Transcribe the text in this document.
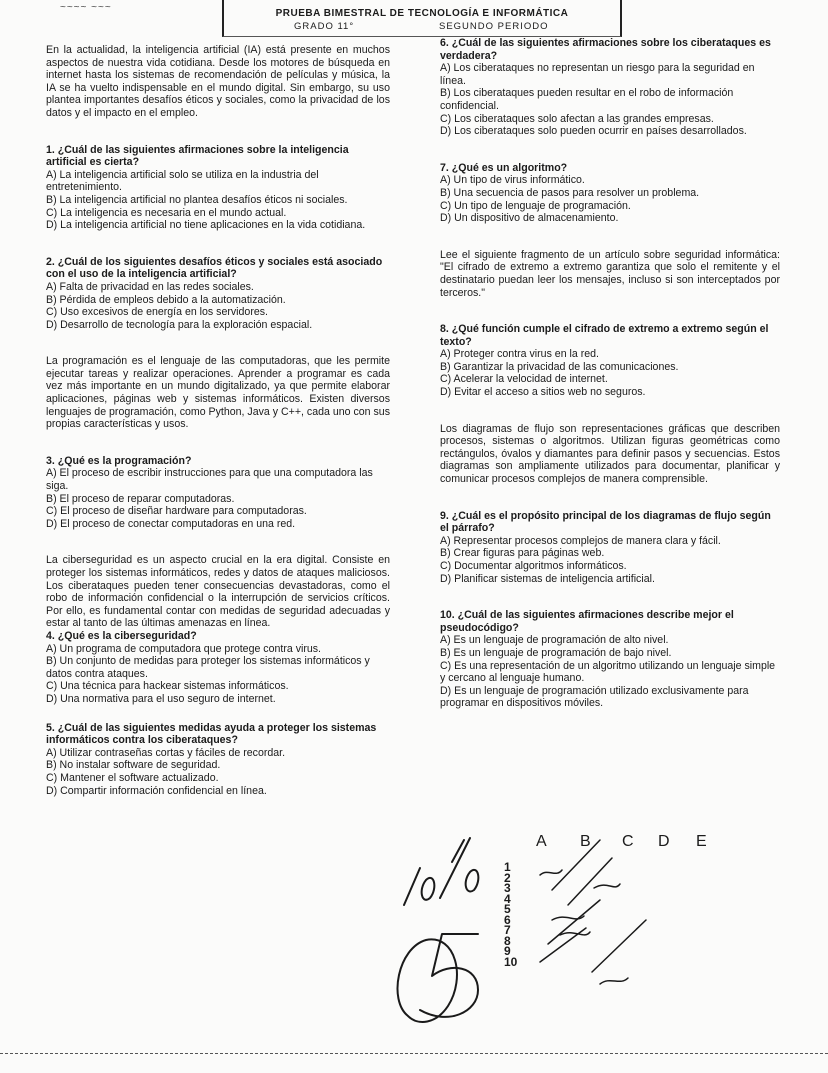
~~~~ ~~~
PRUEBA BIMESTRAL DE TECNOLOGÍA E INFORMÁTICA
GRADO 11°	SEGUNDO PERIODO

En la actualidad, la inteligencia artificial (IA) está presente en muchos aspectos de nuestra vida cotidiana. Desde los motores de búsqueda en internet hasta los sistemas de recomendación de películas y música, la IA se ha vuelto indispensable en el mundo digital. Sin embargo, su uso plantea importantes desafíos éticos y sociales, como la privacidad de los datos y el impacto en el empleo.

1. ¿Cuál de las siguientes afirmaciones sobre la inteligencia artificial es cierta?

A) La inteligencia artificial solo se utiliza en la industria del entretenimiento.

B) La inteligencia artificial no plantea desafíos éticos ni sociales.

C) La inteligencia es necesaria en el mundo actual.

D) La inteligencia artificial no tiene aplicaciones en la vida cotidiana.

2. ¿Cuál de los siguientes desafíos éticos y sociales está asociado con el uso de la inteligencia artificial?

A) Falta de privacidad en las redes sociales.

B) Pérdida de empleos debido a la automatización.

C) Uso excesivos de energía en los servidores.

D) Desarrollo de tecnología para la exploración espacial.

La programación es el lenguaje de las computadoras, que les permite ejecutar tareas y realizar operaciones. Aprender a programar es cada vez más importante en un mundo digitalizado, ya que permite elaborar aplicaciones, páginas web y sistemas informáticos. Existen diversos lenguajes de programación, como Python, Java y C++, cada uno con sus propias características y usos.

3. ¿Qué es la programación?

A) El proceso de escribir instrucciones para que una computadora las siga.

B) El proceso de reparar computadoras.

C) El proceso de diseñar hardware para computadoras.

D) El proceso de conectar computadoras en una red.

La ciberseguridad es un aspecto crucial en la era digital. Consiste en proteger los sistemas informáticos, redes y datos de ataques maliciosos. Los ciberataques pueden tener consecuencias devastadoras, como el robo de información confidencial o la interrupción de servicios críticos. Por ello, es fundamental contar con medidas de seguridad adecuadas y estar al tanto de las últimas amenazas en línea.

4. ¿Qué es la ciberseguridad?

A) Un programa de computadora que protege contra virus.

B) Un conjunto de medidas para proteger los sistemas informáticos y datos contra ataques.

C) Una técnica para hackear sistemas informáticos.

D) Una normativa para el uso seguro de internet.

5. ¿Cuál de las siguientes medidas ayuda a proteger los sistemas informáticos contra los ciberataques?

A) Utilizar contraseñas cortas y fáciles de recordar.

B) No instalar software de seguridad.

C) Mantener el software actualizado.

D) Compartir información confidencial en línea.

6. ¿Cuál de las siguientes afirmaciones sobre los ciberataques es verdadera?

A) Los ciberataques no representan un riesgo para la seguridad en línea.

B) Los ciberataques pueden resultar en el robo de información confidencial.

C) Los ciberataques solo afectan a las grandes empresas.

D) Los ciberataques solo pueden ocurrir en países desarrollados.

7. ¿Qué es un algoritmo?

A) Un tipo de virus informático.

B) Una secuencia de pasos para resolver un problema.

C) Un tipo de lenguaje de programación.

D) Un dispositivo de almacenamiento.

Lee el siguiente fragmento de un artículo sobre seguridad informática: "El cifrado de extremo a extremo garantiza que solo el remitente y el destinatario puedan leer los mensajes, incluso si son interceptados por terceros."

8. ¿Qué función cumple el cifrado de extremo a extremo según el texto?

A) Proteger contra virus en la red.

B) Garantizar la privacidad de las comunicaciones.

C) Acelerar la velocidad de internet.

D) Evitar el acceso a sitios web no seguros.

Los diagramas de flujo son representaciones gráficas que describen procesos, sistemas o algoritmos. Utilizan figuras geométricas como rectángulos, óvalos y diamantes para definir pasos y secuencias. Estos diagramas son ampliamente utilizados para documentar, planificar y comunicar procesos complejos de manera comprensible.

9. ¿Cuál es el propósito principal de los diagramas de flujo según el párrafo?

A) Representar procesos complejos de manera clara y fácil.

B) Crear figuras para páginas web.

C) Documentar algoritmos informáticos.

D) Planificar sistemas de inteligencia artificial.

10. ¿Cuál de las siguientes afirmaciones describe mejor el pseudocódigo?

A) Es un lenguaje de programación de alto nivel.

B) Es un lenguaje de programación de bajo nivel.

C) Es una representación de un algoritmo utilizando un lenguaje simple y cercano al lenguaje humano.

D) Es un lenguaje de programación utilizado exclusivamente para programar en dispositivos móviles.

A B C D E
1
2
3
4
5
6
7
8
9
10
